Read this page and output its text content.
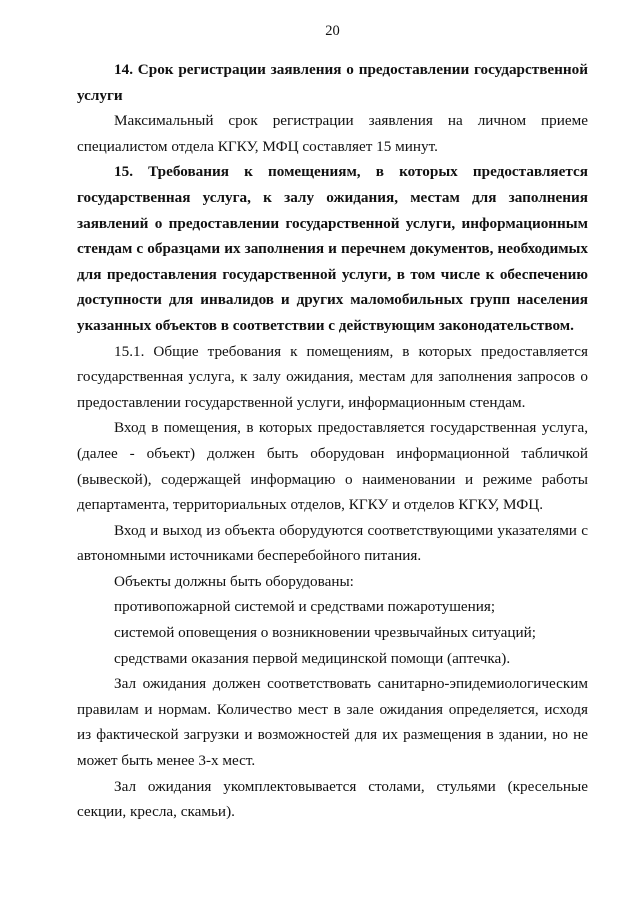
20

14. Срок регистрации заявления о предоставлении государственной услуги

Максимальный срок регистрации заявления на личном приеме специалистом отдела КГКУ, МФЦ составляет 15 минут.

15. Требования к помещениям, в которых предоставляется государственная услуга, к залу ожидания, местам для заполнения заявлений о предоставлении государственной услуги, информационным стендам с образцами их заполнения и перечнем документов, необходимых для предоставления государственной услуги, в том числе к обеспечению доступности для инвалидов и других маломобильных групп населения указанных объектов в соответствии с действующим законодательством.

15.1. Общие требования к помещениям, в которых предоставляется государственная услуга, к залу ожидания, местам для заполнения запросов о предоставлении государственной услуги, информационным стендам.

Вход в помещения, в которых предоставляется государственная услуга, (далее - объект) должен быть оборудован информационной табличкой (вывеской), содержащей информацию о наименовании и режиме работы департамента, территориальных отделов, КГКУ и отделов КГКУ, МФЦ.

Вход и выход из объекта оборудуются соответствующими указателями с автономными источниками бесперебойного питания.

Объекты должны быть оборудованы:

противопожарной системой и средствами пожаротушения;

системой оповещения о возникновении чрезвычайных ситуаций;

средствами оказания первой медицинской помощи (аптечка).

Зал ожидания должен соответствовать санитарно-эпидемиологическим правилам и нормам. Количество мест в зале ожидания определяется, исходя из фактической загрузки и возможностей для их размещения в здании, но не может быть менее 3-х мест.

Зал ожидания укомплектовывается столами, стульями (кресельные секции, кресла, скамьи).
